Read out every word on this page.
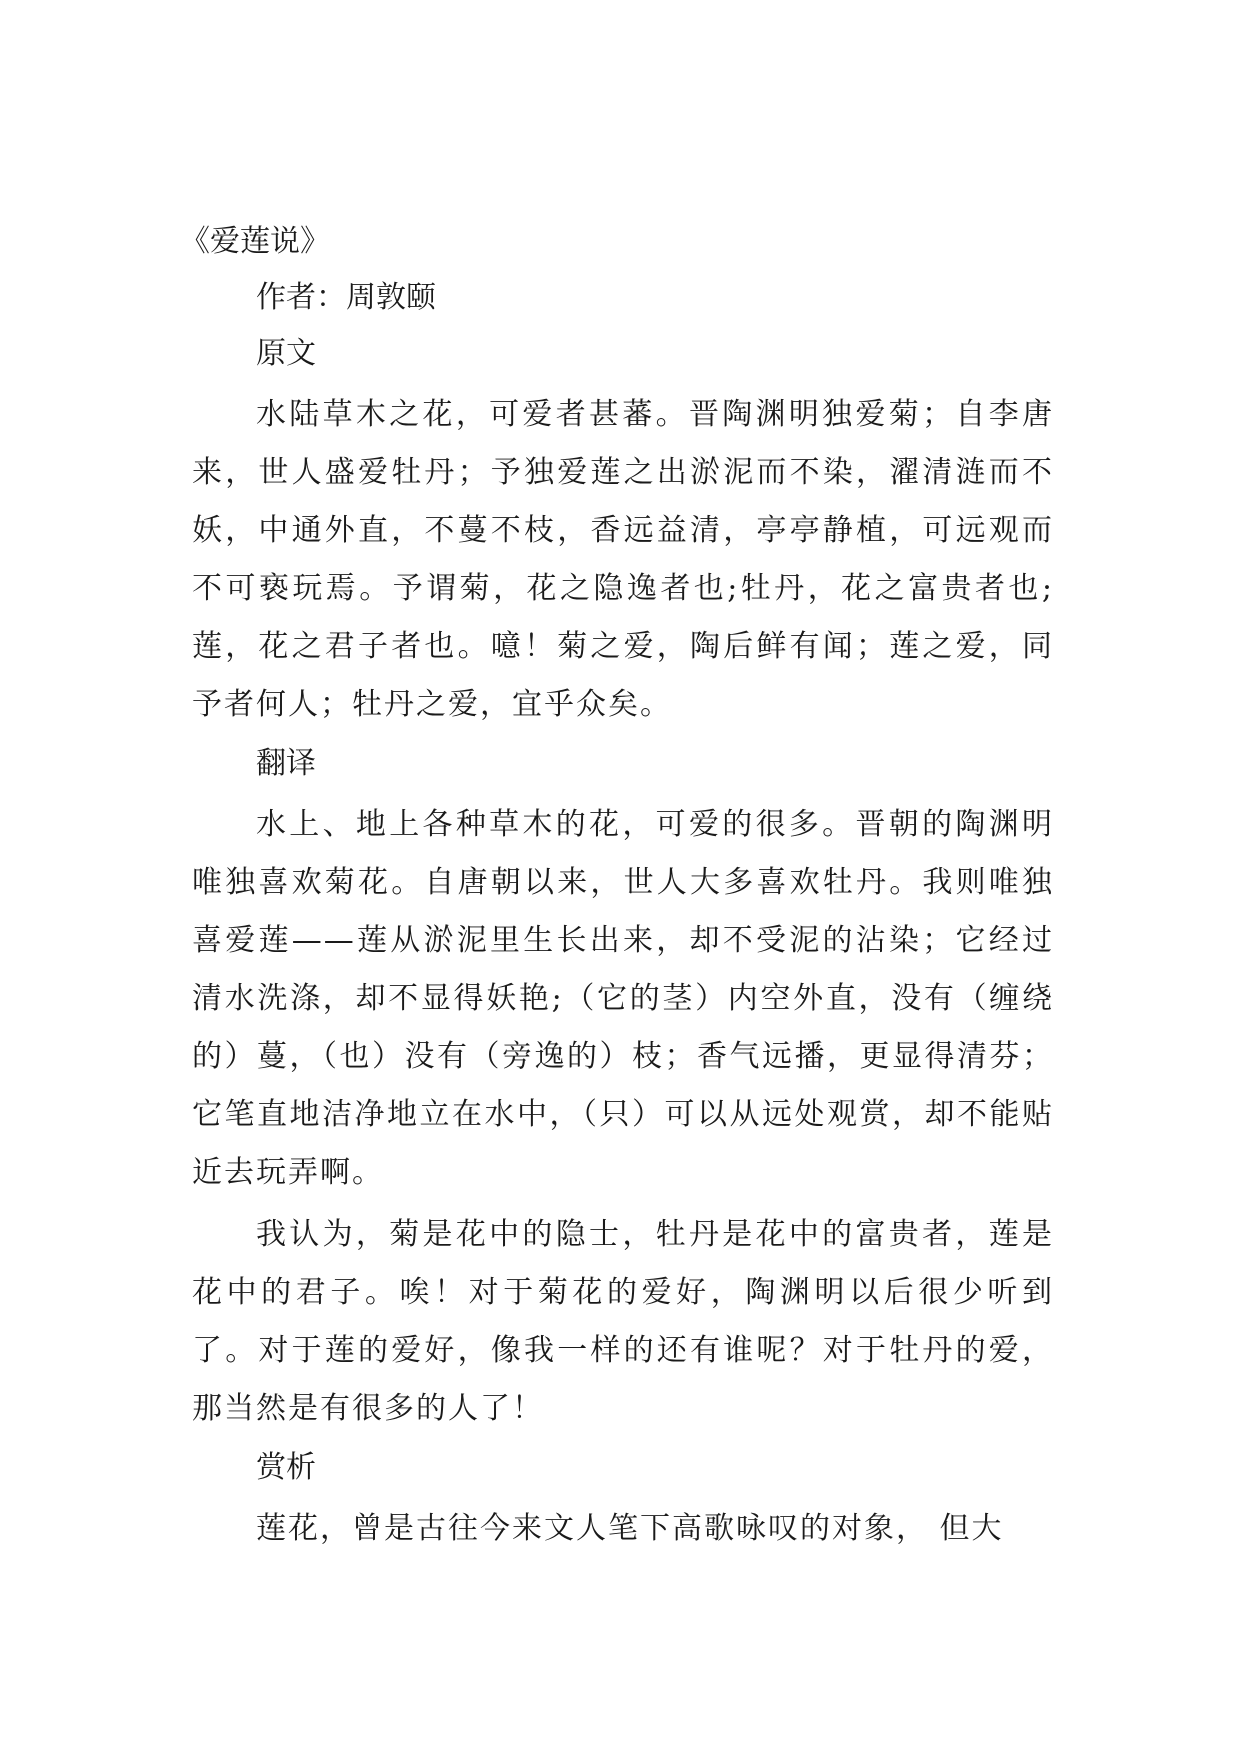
《爱莲说》

作者：周敦颐

原文

水陆草木之花，可爱者甚蕃。晋陶渊明独爱菊；自李唐来，世人盛爱牡丹；予独爱莲之出淤泥而不染，濯清涟而不妖，中通外直，不蔓不枝，香远益清，亭亭静植，可远观而不可亵玩焉。予谓菊，花之隐逸者也;牡丹，花之富贵者也;莲，花之君子者也。噫！菊之爱，陶后鲜有闻；莲之爱，同予者何人；牡丹之爱，宜乎众矣。

翻译

水上、地上各种草木的花，可爱的很多。晋朝的陶渊明唯独喜欢菊花。自唐朝以来，世人大多喜欢牡丹。我则唯独喜爱莲——莲从淤泥里生长出来，却不受泥的沾染；它经过清水洗涤，却不显得妖艳;（它的茎）内空外直，没有（缠绕的）蔓，（也）没有（旁逸的）枝；香气远播，更显得清芬；它笔直地洁净地立在水中，（只）可以从远处观赏，却不能贴近去玩弄啊。

我认为，菊是花中的隐士，牡丹是花中的富贵者，莲是花中的君子。唉！对于菊花的爱好，陶渊明以后很少听到了。对于莲的爱好，像我一样的还有谁呢？对于牡丹的爱，那当然是有很多的人了！

赏析

莲花，曾是古往今来文人笔下高歌咏叹的对象， 但大
